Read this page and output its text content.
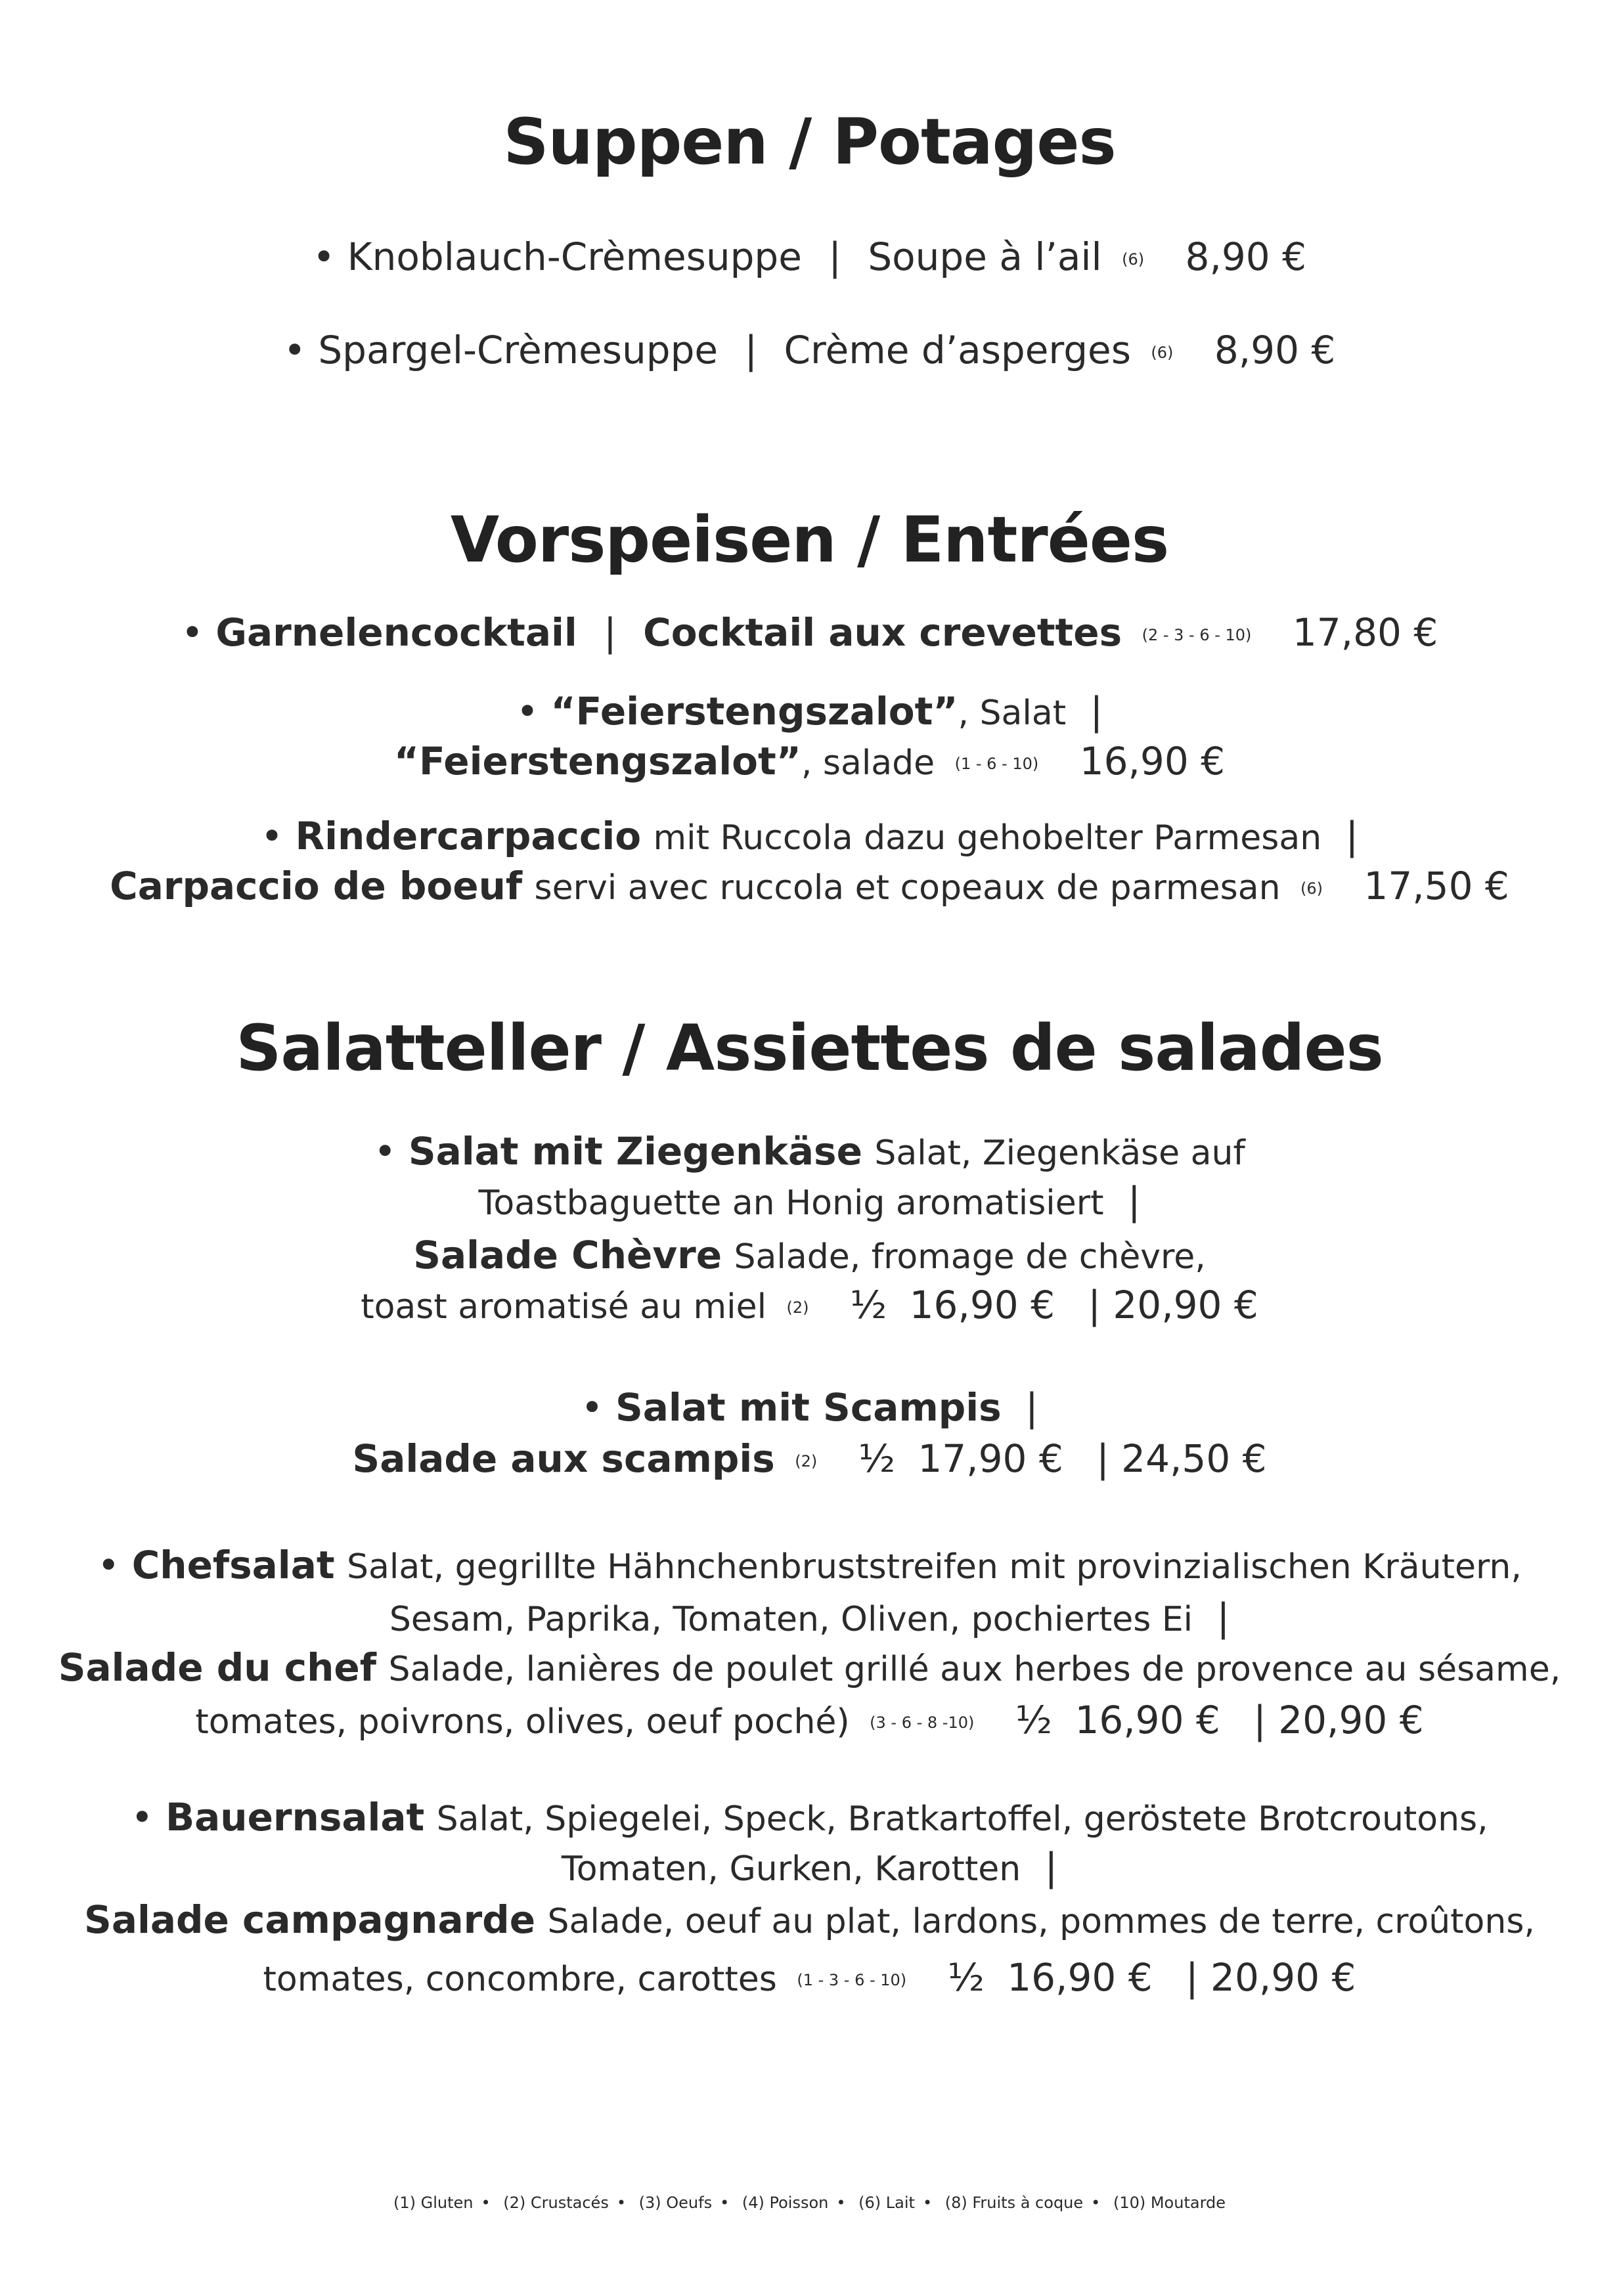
Suppen / Potages
• Knoblauch-Crèmesuppe | Soupe à l’ail (6) 8,90 €
• Spargel-Crèmesuppe | Crème d’asperges (6) 8,90 €
Vorspeisen / Entrées
• Garnelencocktail | Cocktail aux crevettes (2 - 3 - 6 - 10) 17,80 €
• “Feierstengszalot”, Salat |
“Feierstengszalot”, salade (1 - 6 - 10) 16,90 €
• Rindercarpaccio mit Ruccola dazu gehobelter Parmesan |
Carpaccio de boeuf servi avec ruccola et copeaux de parmesan (6) 17,50 €
Salatteller / Assiettes de salades
• Salat mit Ziegenkäse Salat, Ziegenkäse auf
Toastbaguette an Honig aromatisiert |
Salade Chèvre Salade, fromage de chèvre,
toast aromatisé au miel (2) ½ 16,90 € | 20,90 €
• Salat mit Scampis |
Salade aux scampis (2) ½ 17,90 € | 24,50 €
• Chefsalat Salat, gegrillte Hähnchenbruststreifen mit provinzialischen Kräutern,
Sesam, Paprika, Tomaten, Oliven, pochiertes Ei |
Salade du chef Salade, lanières de poulet grillé aux herbes de provence au sésame,
tomates, poivrons, olives, oeuf poché) (3 - 6 - 8 -10) ½ 16,90 € | 20,90 €
• Bauernsalat Salat, Spiegelei, Speck, Bratkartoffel, geröstete Brotcroutons,
Tomaten, Gurken, Karotten |
Salade campagnarde Salade, oeuf au plat, lardons, pommes de terre, croûtons,
tomates, concombre, carottes (1 - 3 - 6 - 10) ½ 16,90 € | 20,90 €
(1) Gluten • (2) Crustacés • (3) Oeufs • (4) Poisson • (6) Lait • (8) Fruits à coque • (10) Moutarde
